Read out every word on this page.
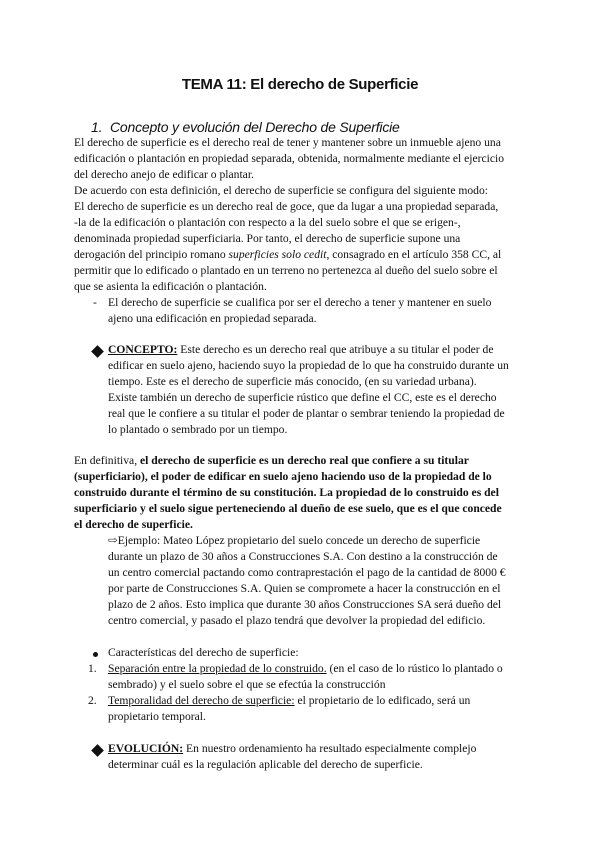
TEMA 11: El derecho de Superficie
1. Concepto y evolución del Derecho de Superficie
El derecho de superficie es el derecho real de tener y mantener sobre un inmueble ajeno una
edificación o plantación en propiedad separada, obtenida, normalmente mediante el ejercicio
del derecho anejo de edificar o plantar.
De acuerdo con esta definición, el derecho de superficie se configura del siguiente modo:
El derecho de superficie es un derecho real de goce, que da lugar a una propiedad separada,
-la de la edificación o plantación con respecto a la del suelo sobre el que se erigen-,
denominada propiedad superficiaria. Por tanto, el derecho de superficie supone una
derogación del principio romano superficies solo cedit, consagrado en el artículo 358 CC, al
permitir que lo edificado o plantado en un terreno no pertenezca al dueño del suelo sobre el
que se asienta la edificación o plantación.
- El derecho de superficie se cualifica por ser el derecho a tener y mantener en suelo
ajeno una edificación en propiedad separada.
CONCEPTO: Este derecho es un derecho real que atribuye a su titular el poder de
edificar en suelo ajeno, haciendo suyo la propiedad de lo que ha construido durante un
tiempo. Este es el derecho de superficie más conocido, (en su variedad urbana).
Existe también un derecho de superficie rústico que define el CC, este es el derecho
real que le confiere a su titular el poder de plantar o sembrar teniendo la propiedad de
lo plantado o sembrado por un tiempo.
En definitiva, el derecho de superficie es un derecho real que confiere a su titular
(superficiario), el poder de edificar en suelo ajeno haciendo uso de la propiedad de lo
construido durante el término de su constitución. La propiedad de lo construido es del
superficiario y el suelo sigue perteneciendo al dueño de ese suelo, que es el que concede
el derecho de superficie.
⇨Ejemplo: Mateo López propietario del suelo concede un derecho de superficie
durante un plazo de 30 años a Construcciones S.A. Con destino a la construcción de
un centro comercial pactando como contraprestación el pago de la cantidad de 8000 €
por parte de Construcciones S.A. Quien se compromete a hacer la construcción en el
plazo de 2 años. Esto implica que durante 30 años Construcciones SA será dueño del
centro comercial, y pasado el plazo tendrá que devolver la propiedad del edificio.
Características del derecho de superficie:
1. Separación entre la propiedad de lo construido. (en el caso de lo rústico lo plantado o
sembrado) y el suelo sobre el que se efectúa la construcción
2. Temporalidad del derecho de superficie: el propietario de lo edificado, será un
propietario temporal.
EVOLUCIÓN: En nuestro ordenamiento ha resultado especialmente complejo
determinar cuál es la regulación aplicable del derecho de superficie.
